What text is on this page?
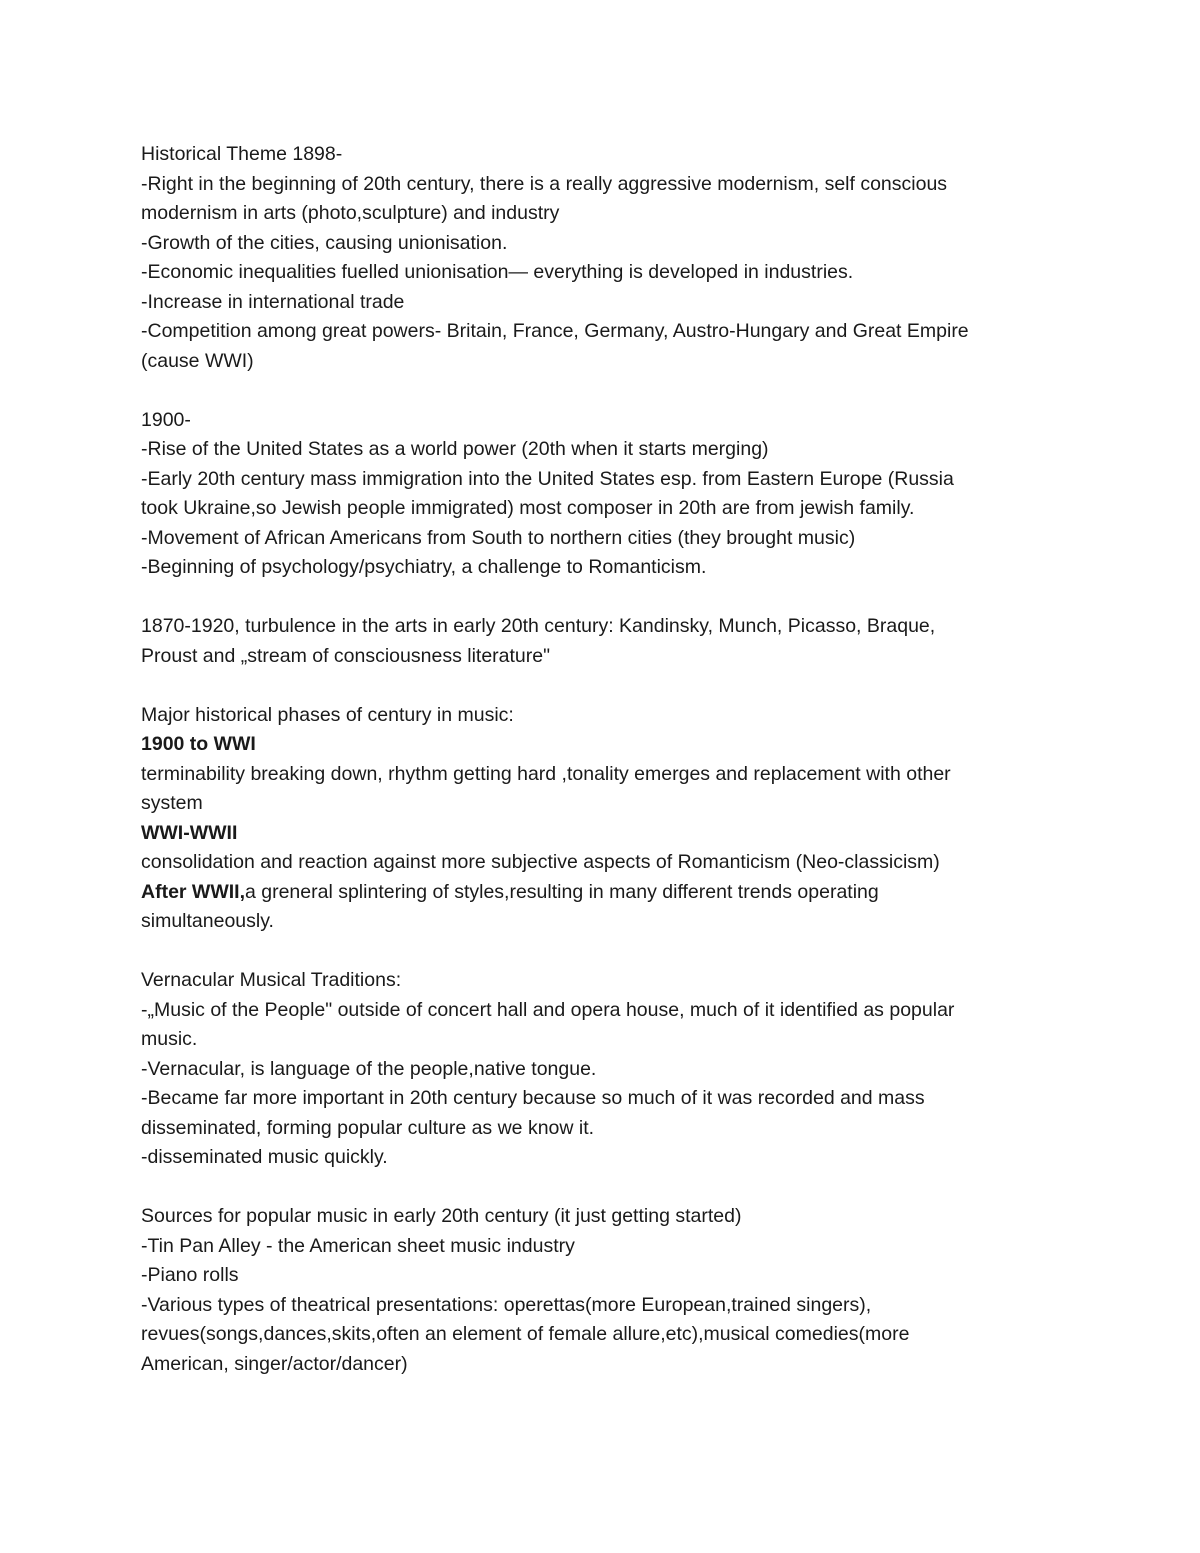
Historical Theme 1898-

-Right in the beginning of 20th century, there is a really aggressive modernism, self conscious

modernism in arts (photo,sculpture) and industry

-Growth of the cities, causing unionisation.

-Economic inequalities fuelled unionisation— everything is developed in industries.

-Increase in international trade

-Competition among great powers- Britain, France, Germany, Austro-Hungary and Great Empire

(cause WWI)

1900-

-Rise of the United States as a world power (20th when it starts merging)

-Early 20th century mass immigration into the United States esp. from Eastern Europe (Russia

took Ukraine,so Jewish people immigrated) most composer in 20th are from jewish family.

-Movement of African Americans from South to northern cities (they brought music)

-Beginning of psychology/psychiatry, a challenge to Romanticism.

1870-1920, turbulence in the arts in early 20th century: Kandinsky, Munch, Picasso, Braque,

Proust and „stream of consciousness literature"

Major historical phases of century in music:

1900 to WWI

terminability breaking down, rhythm getting hard ,tonality emerges and replacement with other

system

WWI-WWII

consolidation and reaction against more subjective aspects of Romanticism (Neo-classicism)

After WWII,a greneral splintering of styles,resulting in many different trends operating

simultaneously.

Vernacular Musical Traditions:

-„Music of the People" outside of concert hall and opera house, much of it identified as popular

music.

-Vernacular, is language of the people,native tongue.

-Became far more important in 20th century because so much of it was recorded and mass

disseminated, forming popular culture as we know it.

-disseminated music quickly.

Sources for popular music in early 20th century (it just getting started)

-Tin Pan Alley - the American sheet music industry

-Piano rolls

-Various types of theatrical presentations: operettas(more European,trained singers),

revues(songs,dances,skits,often an element of female allure,etc),musical comedies(more

American, singer/actor/dancer)
